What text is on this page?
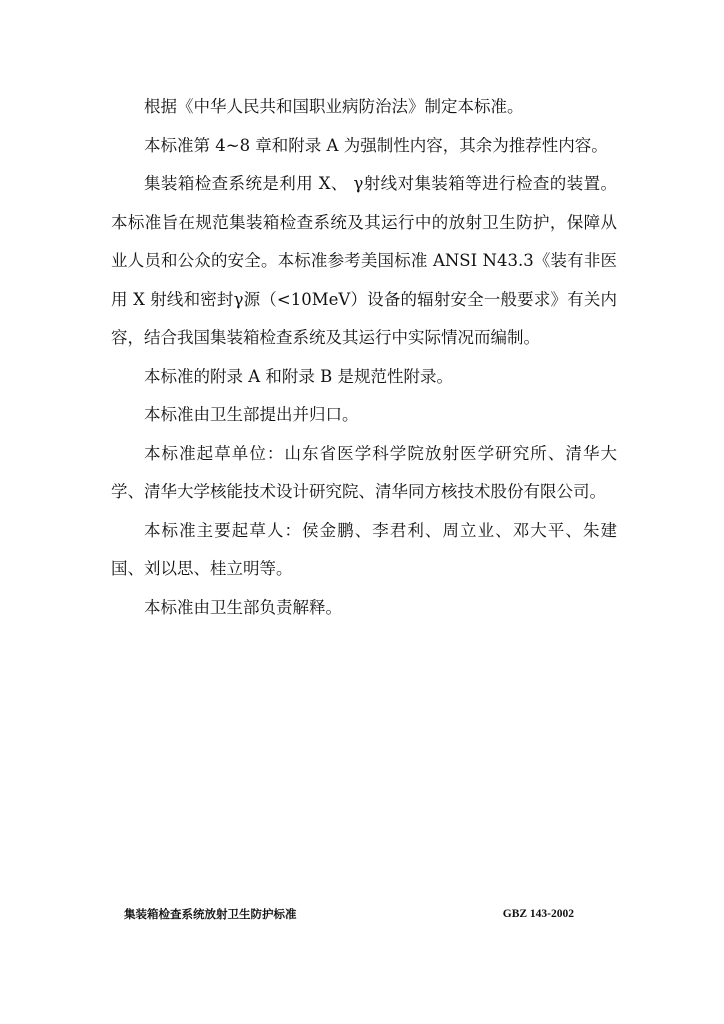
根据《中华人民共和国职业病防治法》制定本标准。

本标准第 4~8 章和附录 A 为强制性内容，其余为推荐性内容。

集装箱检查系统是利用 X、 γ射线对集装箱等进行检查的装置。本标准旨在规范集装箱检查系统及其运行中的放射卫生防护，保障从业人员和公众的安全。本标准参考美国标准 ANSI N43.3《装有非医用 X 射线和密封γ源（<10MeV）设备的辐射安全一般要求》有关内容，结合我国集装箱检查系统及其运行中实际情况而编制。

本标准的附录 A 和附录 B 是规范性附录。

本标准由卫生部提出并归口。

本标准起草单位：山东省医学科学院放射医学研究所、清华大学、清华大学核能技术设计研究院、清华同方核技术股份有限公司。

本标准主要起草人：侯金鹏、李君利、周立业、邓大平、朱建国、刘以思、桂立明等。

本标准由卫生部负责解释。

集装箱检查系统放射卫生防护标准	GBZ 143-2002
